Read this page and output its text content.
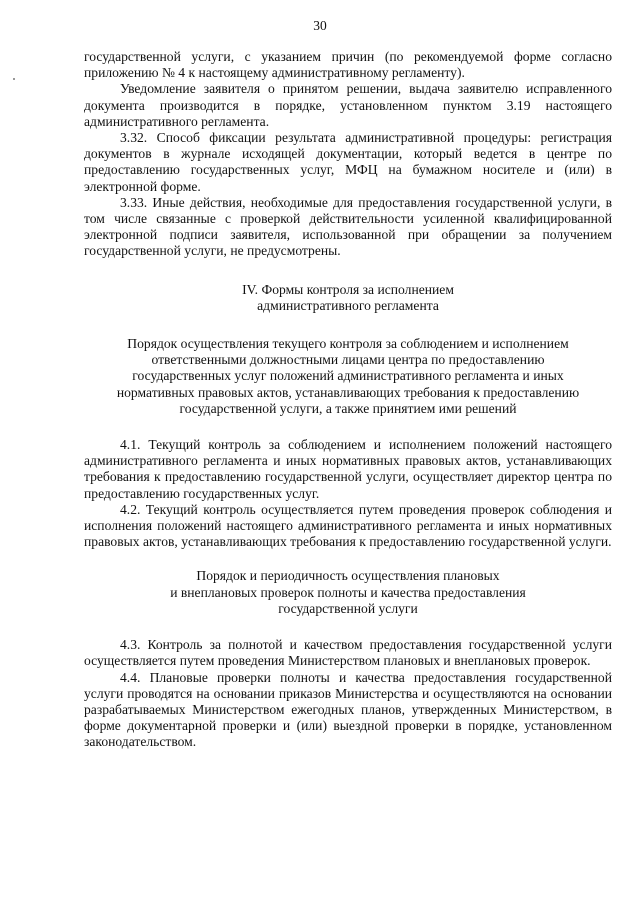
30

государственной услуги, с указанием причин (по рекомендуемой форме согласно приложению № 4 к настоящему административному регламенту).

Уведомление заявителя о принятом решении, выдача заявителю исправленного документа производится в порядке, установленном пунктом 3.19 настоящего административного регламента.

3.32. Способ фиксации результата административной процедуры: регистрация документов в журнале исходящей документации, который ведется в центре по предоставлению государственных услуг, МФЦ на бумажном носителе и (или) в электронной форме.

3.33. Иные действия, необходимые для предоставления государственной услуги, в том числе связанные с проверкой действительности усиленной квалифицированной электронной подписи заявителя, использованной при обращении за получением государственной услуги, не предусмотрены.

IV. Формы контроля за исполнением
административного регламента
Порядок осуществления текущего контроля за соблюдением и исполнением
ответственными должностными лицами центра по предоставлению
государственных услуг положений административного регламента и иных
нормативных правовых актов, устанавливающих требования к предоставлению
государственной услуги, а также принятием ими решений

4.1. Текущий контроль за соблюдением и исполнением положений настоящего административного регламента и иных нормативных правовых актов, устанавливающих требования к предоставлению государственной услуги, осуществляет директор центра по предоставлению государственных услуг.

4.2. Текущий контроль осуществляется путем проведения проверок соблюдения и исполнения положений настоящего административного регламента и иных нормативных правовых актов, устанавливающих требования к предоставлению государственной услуги.

Порядок и периодичность осуществления плановых
и внеплановых проверок полноты и качества предоставления
государственной услуги

4.3. Контроль за полнотой и качеством предоставления государственной услуги осуществляется путем проведения Министерством плановых и внеплановых проверок.

4.4. Плановые проверки полноты и качества предоставления государственной услуги проводятся на основании приказов Министерства и осуществляются на основании разрабатываемых Министерством ежегодных планов, утвержденных Министерством, в форме документарной проверки и (или) выездной проверки в порядке, установленном законодательством.
